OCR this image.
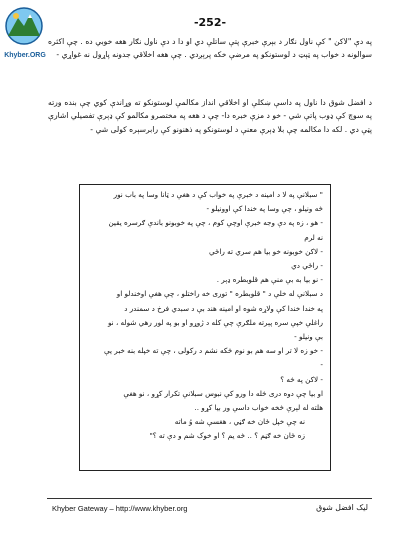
Khyber.ORG
-252-

په دې "لاکن " کې ناول نګار د بېرې خبرې پتې ساتلې دي او دا د دې ناول نګار هغه خوبي ده . چې اکثره سوالونه د خواب په ټېټ د لوستونکو په مرضې خکه پرېږدي . چې هغه اخلاقي جدونه پاړول نه غواړي -

د افضل شوق دا ناول په داسې ښکلې او اخلاقي انداز مکالمې لوستونکو ته وړاندې کوي چې بنده ورته په سوچ کې ډوب پاتې شي - خو د مزې خبره دا- چې د هغه په مختصرو مکالمو کې ډېرې تفصيلي اشارې پټې دي . لکه دا مکالمه چې بلا ډېرې معنې د لوستونکو په ذهنونو کې رابرسېره کولی شي -

" سبلانې په لا د امینه د خبرې په خواب کې د هغې د ټانا وسا په باب نور

څه ونيلو ، چې وسا په خندا کې اوونيلو -

- هو ، زه په دې وجه خبرې اوچې کوم ، چې په خوبونو باندې ګرسره يقين

نه لرم

- لاکن خوبونه خو بيا هم سري ته راځي

- راځي دي

- نو بيا به بې منې هم قلوبطره ډېر .

د سبلانې له خلې د " قلوبطره " توری خه راختلو ، چې هغې اوخندلو او

په خندا خندا کې ولاړه شوه او امينه هند بې د سبدي فرخ د سمندر د

راغلې خپې سره پېرته ملګرې چې کله د ژوړو او بو په لور رهي شوله ، نو

بې ونيلو -

- خو زه لا تر او سه هم بو نوم څکه نشم د رکولی ، چې ته خپله بنه خبر يې

-

- لاکن په څه ؟

او بيا چې دوه دری څله دا ورو کې نبوس سبلانې تکرار کړو ، نو هغې

هلته له لېرې څخه خواب داسې ور بيا کړو ..

نه چې خپل ځان خه ګڼي ، هغسې شه وُ ماته

زه ځان خه ګڼم ؟ .. څه يم ؟ او خوک شم و دې ته ؟"

Khyber Gateway – http://www.khyber.org	لیک افضل شوق
